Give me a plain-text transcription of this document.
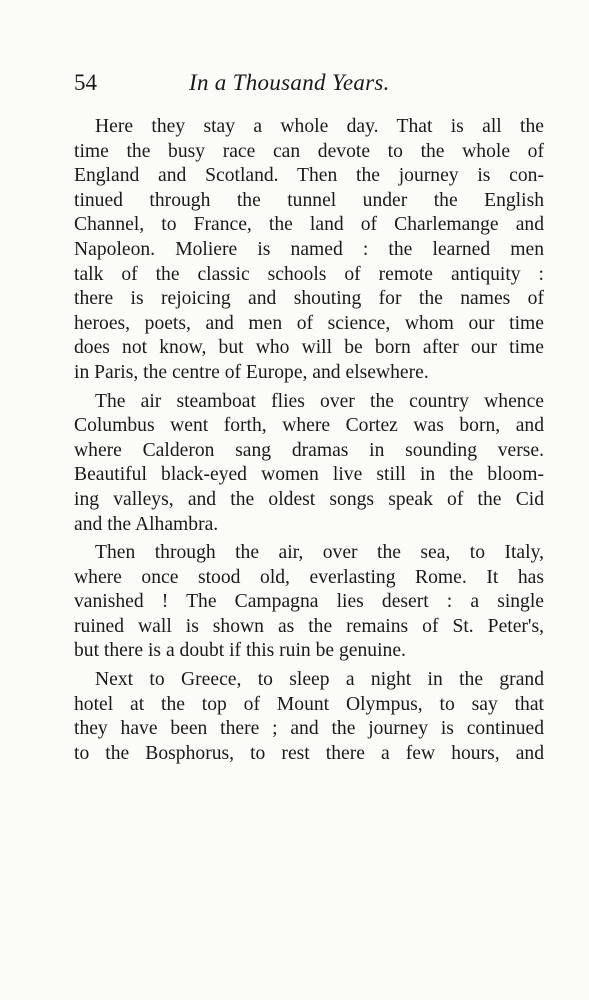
54	In a Thousand Years.
Here they stay a whole day. That is all the
time the busy race can devote to the whole of
England and Scotland. Then the journey is con-
tinued through the tunnel under the English
Channel, to France, the land of Charlemange and
Napoleon. Moliere is named : the learned men
talk of the classic schools of remote antiquity :
there is rejoicing and shouting for the names of
heroes, poets, and men of science, whom our time
does not know, but who will be born after our time
in Paris, the centre of Europe, and elsewhere.
The air steamboat flies over the country whence
Columbus went forth, where Cortez was born, and
where Calderon sang dramas in sounding verse.
Beautiful black-eyed women live still in the bloom-
ing valleys, and the oldest songs speak of the Cid
and the Alhambra.
Then through the air, over the sea, to Italy,
where once stood old, everlasting Rome. It has
vanished ! The Campagna lies desert : a single
ruined wall is shown as the remains of St. Peter's,
but there is a doubt if this ruin be genuine.
Next to Greece, to sleep a night in the grand
hotel at the top of Mount Olympus, to say that
they have been there ; and the journey is continued
to the Bosphorus, to rest there a few hours, and
